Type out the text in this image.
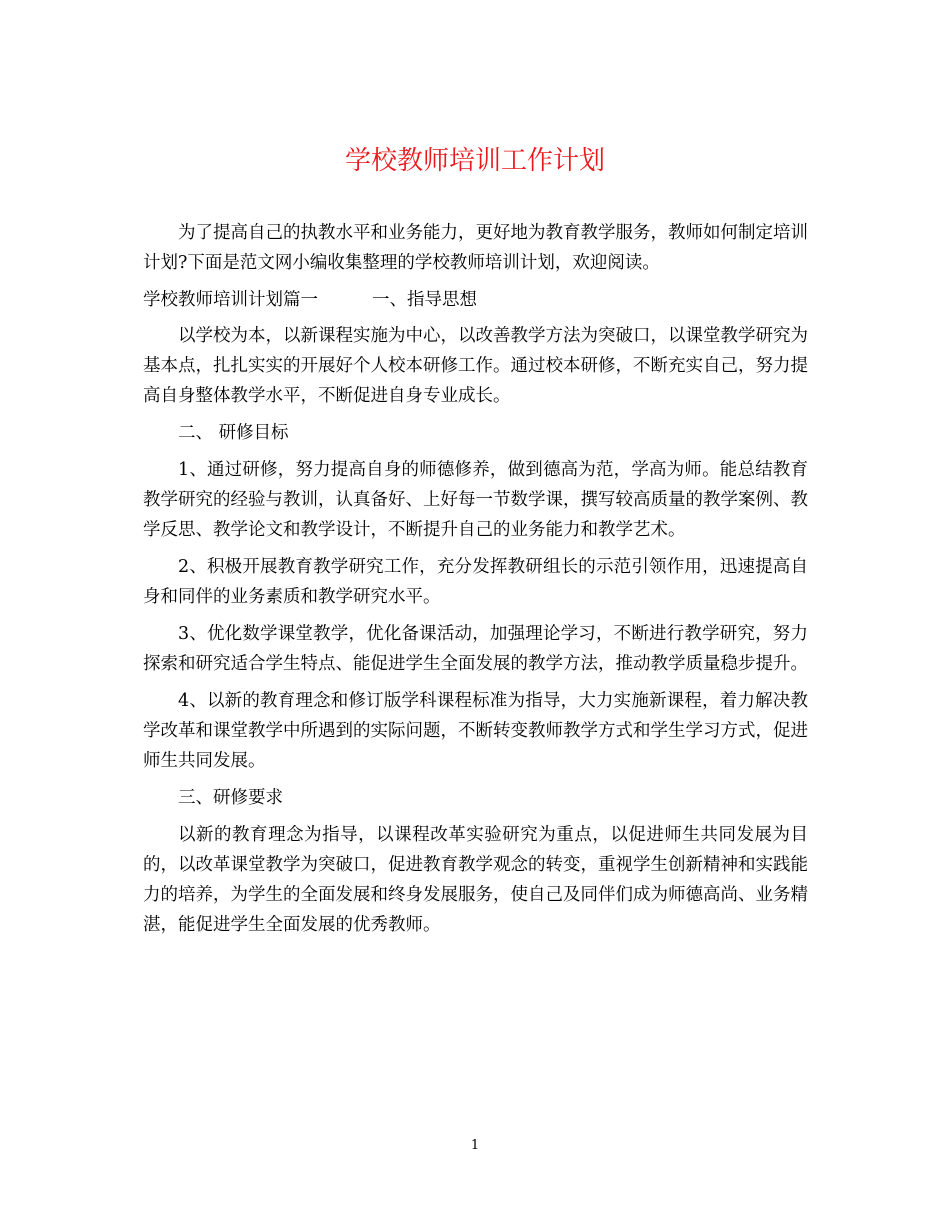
学校教师培训工作计划

为了提高自己的执教水平和业务能力，更好地为教育教学服务，教师如何制定培训计划?下面是范文网小编收集整理的学校教师培训计划，欢迎阅读。

学校教师培训计划篇一	一、指导思想

以学校为本，以新课程实施为中心，以改善教学方法为突破口，以课堂教学研究为基本点，扎扎实实的开展好个人校本研修工作。通过校本研修，不断充实自己，努力提高自身整体教学水平，不断促进自身专业成长。

二、 研修目标

1、通过研修，努力提高自身的师德修养，做到德高为范，学高为师。能总结教育教学研究的经验与教训，认真备好、上好每一节数学课，撰写较高质量的教学案例、教学反思、教学论文和教学设计，不断提升自己的业务能力和教学艺术。

2、积极开展教育教学研究工作，充分发挥教研组长的示范引领作用，迅速提高自身和同伴的业务素质和教学研究水平。

3、优化数学课堂教学，优化备课活动，加强理论学习，不断进行教学研究，努力探索和研究适合学生特点、能促进学生全面发展的教学方法，推动教学质量稳步提升。

4、以新的教育理念和修订版学科课程标准为指导，大力实施新课程，着力解决教学改革和课堂教学中所遇到的实际问题，不断转变教师教学方式和学生学习方式，促进师生共同发展。

三、研修要求

以新的教育理念为指导，以课程改革实验研究为重点，以促进师生共同发展为目的，以改革课堂教学为突破口，促进教育教学观念的转变，重视学生创新精神和实践能力的培养，为学生的全面发展和终身发展服务，使自己及同伴们成为师德高尚、业务精湛，能促进学生全面发展的优秀教师。

1
